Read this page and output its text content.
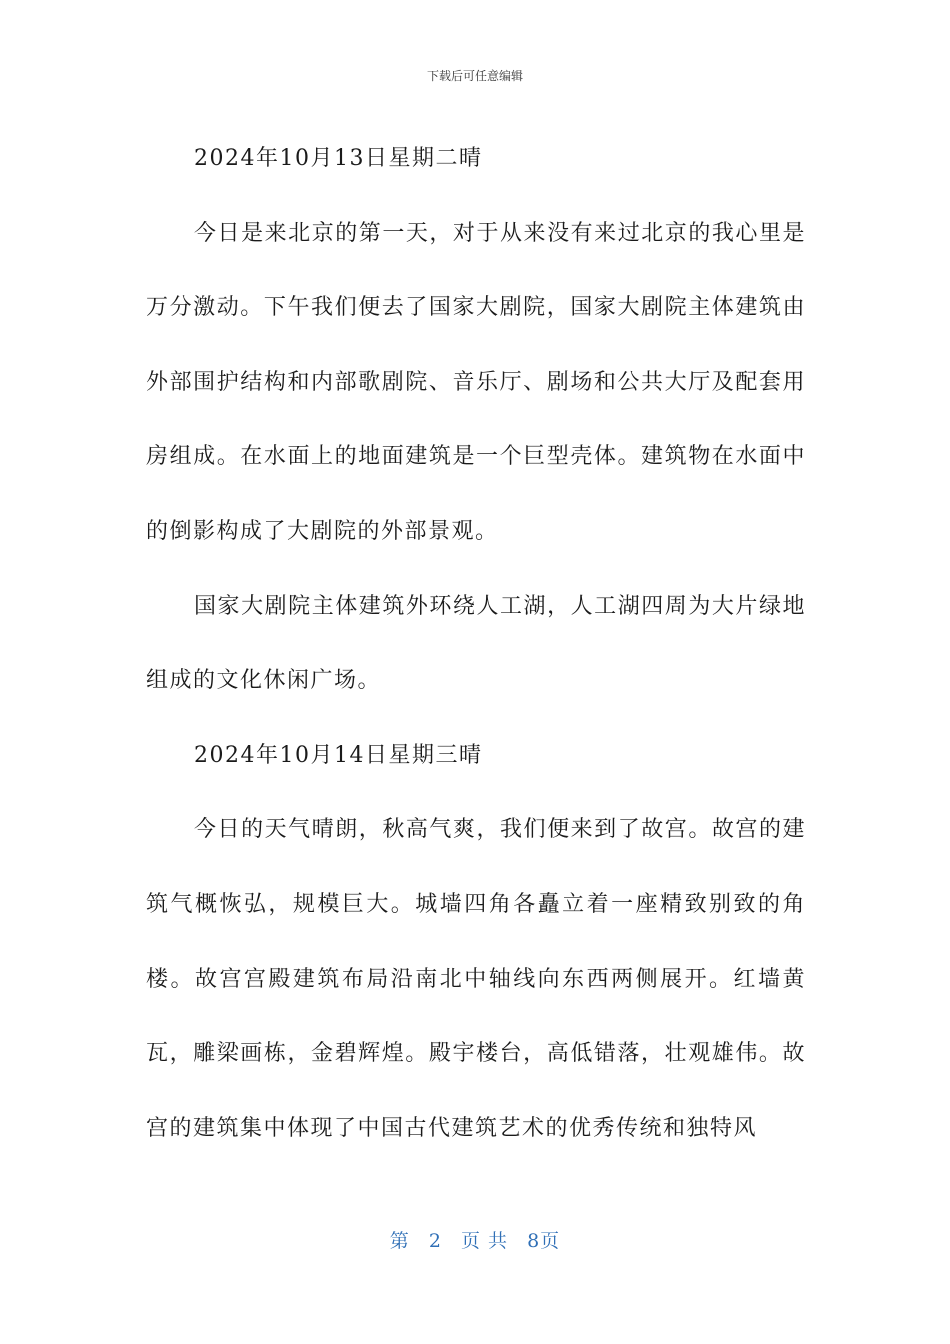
下载后可任意编辑

2024年10月13日星期二晴

今日是来北京的第一天，对于从来没有来过北京的我心里是万分激动。下午我们便去了国家大剧院，国家大剧院主体建筑由外部围护结构和内部歌剧院、音乐厅、剧场和公共大厅及配套用房组成。在水面上的地面建筑是一个巨型壳体。建筑物在水面中的倒影构成了大剧院的外部景观。

国家大剧院主体建筑外环绕人工湖，人工湖四周为大片绿地组成的文化休闲广场。

2024年10月14日星期三晴

今日的天气晴朗，秋高气爽，我们便来到了故宫。故宫的建筑气概恢弘，规模巨大。城墙四角各矗立着一座精致别致的角楼。故宫宫殿建筑布局沿南北中轴线向东西两侧展开。红墙黄瓦，雕梁画栋，金碧辉煌。殿宇楼台，高低错落，壮观雄伟。故宫的建筑集中体现了中国古代建筑艺术的优秀传统和独特风

第 2 页 共 8页
